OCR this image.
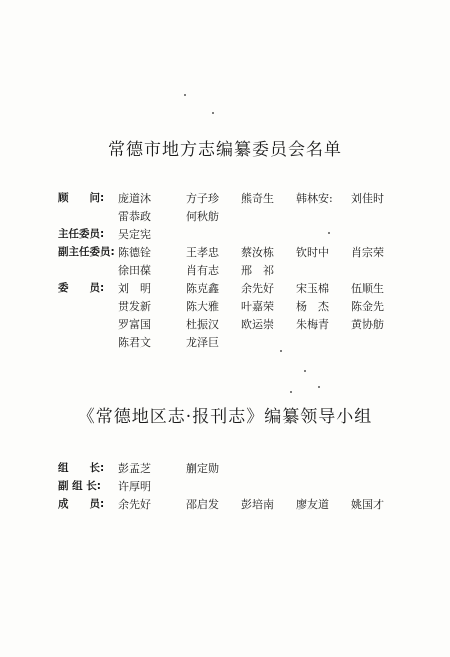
常德市地方志编纂委员会名单
顾　　问: 庞道沐	方子珍 熊奇生 韩林安: 刘佳时
雷恭政	何秋舫
主任委员: 吴定宪
副主任委员: 陈德铨	王孝忠 蔡汝栋 钦时中 肖宗荣
徐田葆	肖有志 邢　祁
委　　员: 刘　明	陈克鑫 余先好 宋玉棉 伍顺生
贯发新	陈大雅 叶嘉荣 杨　杰 陈金先
罗富国	杜振汉 欧运崇 朱梅青 黄协舫
陈君文	龙泽巨
《常德地区志·报刊志》编纂领导小组
组　　长: 彭孟芝	蒯定勋
副 组 长: 许厚明
成　　员: 余先好	邵启发 彭培南 廖友道 姚国才
